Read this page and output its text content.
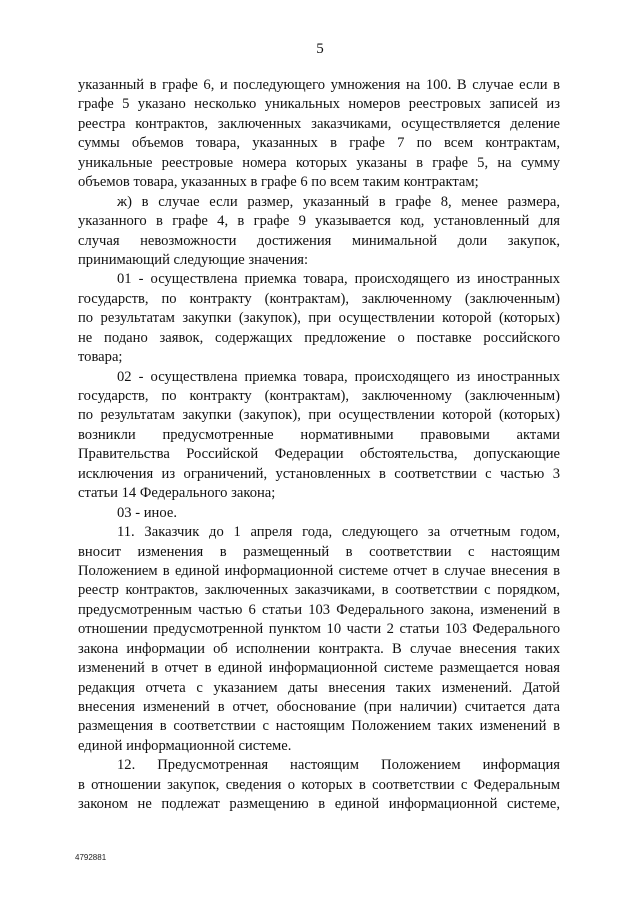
5
указанный в графе 6, и последующего умножения на 100. В случае если в
графе 5 указано несколько уникальных номеров реестровых записей из
реестра контрактов, заключенных заказчиками, осуществляется деление
суммы объемов товара, указанных в графе 7 по всем контрактам,
уникальные реестровые номера которых указаны в графе 5, на сумму
объемов товара, указанных в графе 6 по всем таким контрактам;
ж) в случае если размер, указанный в графе 8, менее размера,
указанного в графе 4, в графе 9 указывается код, установленный для
случая невозможности достижения минимальной доли закупок,
принимающий следующие значения:
01 - осуществлена приемка товара, происходящего из иностранных
государств, по контракту (контрактам), заключенному (заключенным)
по результатам закупки (закупок), при осуществлении которой (которых)
не подано заявок, содержащих предложение о поставке российского
товара;
02 - осуществлена приемка товара, происходящего из иностранных
государств, по контракту (контрактам), заключенному (заключенным)
по результатам закупки (закупок), при осуществлении которой (которых)
возникли предусмотренные нормативными правовыми актами
Правительства Российской Федерации обстоятельства, допускающие
исключения из ограничений, установленных в соответствии с частью 3
статьи 14 Федерального закона;
03 - иное.
11. Заказчик до 1 апреля года, следующего за отчетным годом,
вносит изменения в размещенный в соответствии с настоящим
Положением в единой информационной системе отчет в случае внесения в
реестр контрактов, заключенных заказчиками, в соответствии с порядком,
предусмотренным частью 6 статьи 103 Федерального закона, изменений в
отношении предусмотренной пунктом 10 части 2 статьи 103 Федерального
закона информации об исполнении контракта. В случае внесения таких
изменений в отчет в единой информационной системе размещается новая
редакция отчета с указанием даты внесения таких изменений. Датой
внесения изменений в отчет, обоснование (при наличии) считается дата
размещения в соответствии с настоящим Положением таких изменений в
единой информационной системе.
12. Предусмотренная настоящим Положением информация
в отношении закупок, сведения о которых в соответствии с Федеральным
законом не подлежат размещению в единой информационной системе,
4792881
